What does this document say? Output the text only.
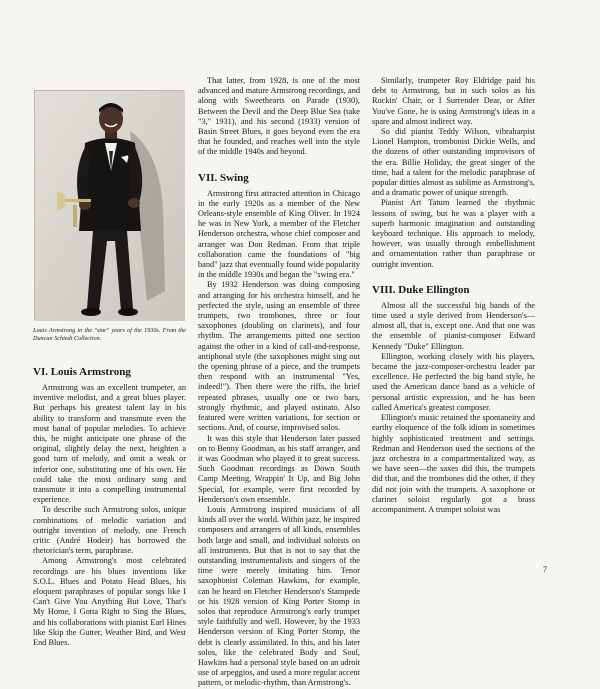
Louis Armstrong in the "star" years of the 1930s. From the Duncan Schiedt Collection.

VI. Louis Armstrong

Armstrong was an excellent trumpeter, an inventive melodist, and a great blues player. But perhaps his greatest talent lay in his ability to transform and transmute even the most banal of popular melodies. To achieve this, he might anticipate one phrase of the original, slightly delay the next, heighten a good turn of melody, and omit a weak or inferior one, substituting one of his own. He could take the most ordinary song and transmute it into a compelling instrumental experience.

To describe such Armstrong solos, unique combinations of melodic variation and outright invention of melody, one French critic (André Hodeir) has borrowed the rhetorician's term, paraphrase.

Among Armstrong's most celebrated recordings are his blues inventions like S.O.L. Blues and Potato Head Blues, his eloquent paraphrases of popular songs like I Can't Give You Anything But Love, That's My Home, I Gotta Right to Sing the Blues, and his collaborations with pianist Earl Hines like Skip the Gutter, Weather Bird, and West End Blues.

That latter, from 1928, is one of the most advanced and mature Armstrong recordings, and along with Sweethearts on Parade (1930), Between the Devil and the Deep Blue Sea (take "3," 1931), and his second (1933) version of Basin Street Blues, it goes beyond even the era that he founded, and reaches well into the style of the middle 1940s and beyond.

VII. Swing

Armstrong first attracted attention in Chicago in the early 1920s as a member of the New Orleans-style ensemble of King Oliver. In 1924 he was in New York, a member of the Fletcher Henderson orchestra, whose chief composer and arranger was Don Redman. From that triple collaboration came the foundations of "big band" jazz that eventually found wide popularity in the middle 1930s and began the "swing era."

By 1932 Henderson was doing composing and arranging for his orchestra himself, and he perfected the style, using an ensemble of three trumpets, two trombones, three or four saxophones (doubling on clarinets), and four rhythm. The arrangements pitted one section against the other in a kind of call-and-response, antiphonal style (the saxophones might sing out the opening phrase of a piece, and the trumpets then respond with an instrumental "Yes, indeed!"). Then there were the riffs, the brief repeated phrases, usually one or two bars, strongly rhythmic, and played ostinato. Also featured were written variations, for section or sections. And, of course, improvised solos.

It was this style that Henderson later passed on to Benny Goodman, as his staff arranger, and it was Goodman who played it to great success. Such Goodman recordings as Down South Camp Meeting, Wrappin' It Up, and Big John Special, for example, were first recorded by Henderson's own ensemble.

Louis Armstrong inspired musicians of all kinds all over the world. Within jazz, he inspired composers and arrangers of all kinds, ensembles both large and small, and individual soloists on all instruments. But that is not to say that the outstanding instrumentalists and singers of the time were merely imitating him. Tenor saxophonist Coleman Hawkins, for example, can be heard on Fletcher Henderson's Stampede or his 1928 version of King Porter Stomp in solos that reproduce Armstrong's early trumpet style faithfully and well. However, by the 1933 Henderson version of King Porter Stomp, the debt is clearly assimilated. In this, and his later solos, like the celebrated Body and Soul, Hawkins had a personal style based on an adroit use of arpeggios, and used a more regular accent pattern, or melodic-rhythm, than Armstrong's.

Similarly, trumpeter Roy Eldridge paid his debt to Armstrong, but in such solos as his Rockin' Chair, or I Surrender Dear, or After You've Gone, he is using Armstrong's ideas in a spare and almost indirect way.

So did pianist Teddy Wilson, vibraharpist Lionel Hampton, trombonist Dickie Wells, and the dozens of other outstanding improvisors of the era. Billie Holiday, the great singer of the time, had a talent for the melodic paraphrase of popular ditties almost as sublime as Armstrong's, and a dramatic power of unique strength.

Pianist Art Tatum learned the rhythmic lessons of swing, but he was a player with a superb harmonic imagination and outstanding keyboard technique. His approach to melody, however, was usually through embellishment and ornamentation rather than paraphrase or outright invention.

VIII. Duke Ellington

Almost all the successful big bands of the time used a style derived from Henderson's—almost all, that is, except one. And that one was the ensemble of pianist-composer Edward Kennedy "Duke" Ellington.

Ellington, working closely with his players, became the jazz-composer-orchestra leader par excellence. He perfected the big band style, he used the American dance band as a vehicle of personal artistic expression, and he has been called America's greatest composer.

Ellington's music retained the spontaneity and earthy eloquence of the folk idiom in sometimes highly sophisticated treatment and settings. Redman and Henderson used the sections of the jazz orchestra in a compartmentalized way, as we have seen—the saxes did this, the trumpets did that, and the trombones did the other, if they did not join with the trumpets. A saxophone or clarinet soloist regularly got a brass accompaniment. A trumpet soloist was

7
